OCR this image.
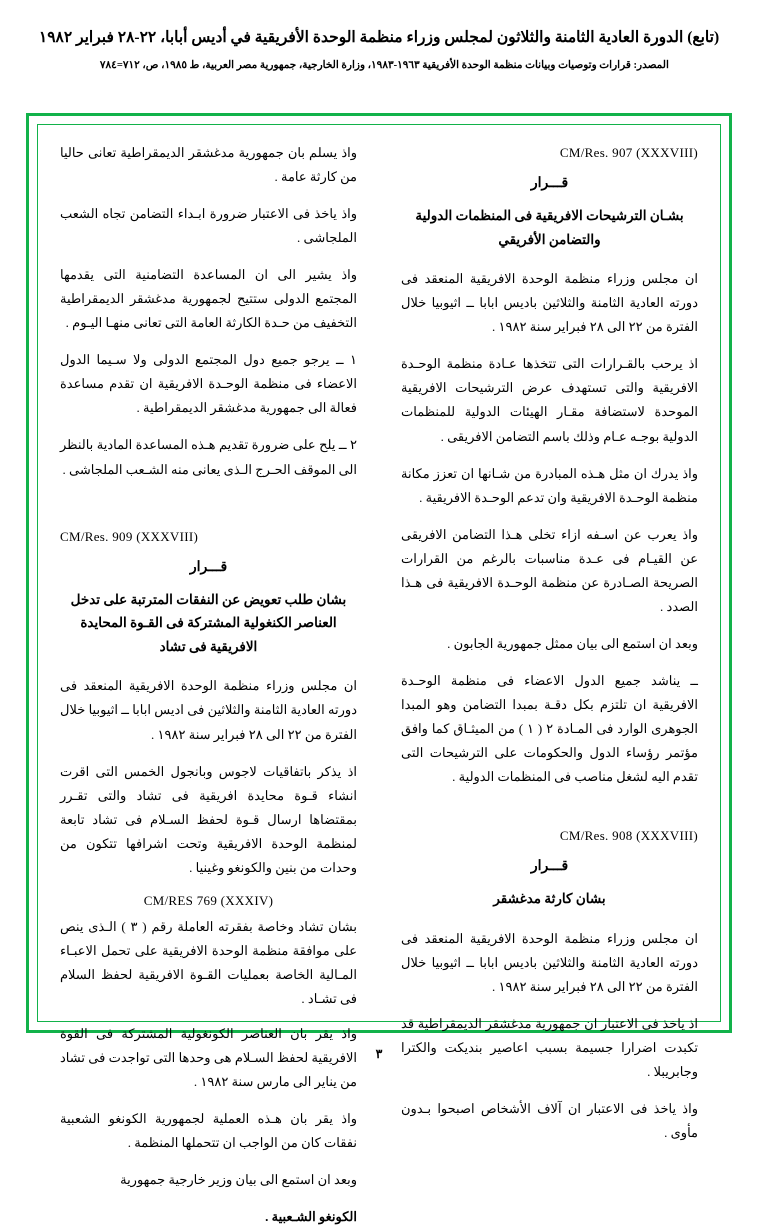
(تابع) الدورة العادية الثامنة والثلاثون لمجلس وزراء منظمة الوحدة الأفريقية في أديس أبابا، ٢٢-٢٨ فبراير ١٩٨٢
المصدر: قرارات وتوصيات وبيانات منظمة الوحدة الأفريقية ١٩٦٣-١٩٨٣، وزارة الخارجية، جمهورية مصر العربية، ط ١٩٨٥، ص، ٧١٢=٧٨٤ ْ
CM/Res. 907 (XXXVIII)
قـــرار
بشـان الترشيحات الافريقية فى المنظمات الدولية والتضامن الأفريقي

ان مجلس وزراء منظمة الوحدة الافريقية المنعقد فى دورته العادية الثامنة والثلاثين باديس ابابا ــ اثيوبيا خلال الفترة من ٢٢ الى ٢٨ فبراير سنة ١٩٨٢ .

اذ يرحب بالقـرارات التى تتخذها عـادة منظمة الوحـدة الافريقية والتى تستهدف عرض الترشيحات الافريقية الموحدة لاستضافة مقـار الهيئات الدولية للمنظمات الدولية بوجـه عـام وذلك باسم التضامن الافريقى .

واذ يدرك ان مثل هـذه المبادرة من شـانها ان تعزز مكانة منظمة الوحـدة الافريقية وان تدعم الوحـدة الافريقية .

واذ يعرب عن اسـفه ازاء تخلى هـذا التضامن الافريقى عن القيـام فى عـدة مناسبات بالرغم من القرارات الصريحة الصـادرة عن منظمة الوحـدة الافريقية فى هـذا الصدد .

وبعد ان استمع الى بيان ممثل جمهورية الجابون .

ــ يناشد جميع الدول الاعضاء فى منظمة الوحـدة الافريقية ان تلتزم بكل دقـة بمبدا التضامن وهو المبدا الجوهرى الوارد فى المـادة ٢ ( ١ ) من الميثـاق كما وافق مؤتمر رؤساء الدول والحكومات على الترشيحات التى تقدم اليه لشغل مناصب فى المنظمات الدولية .

CM/Res. 908 (XXXVIII)
قـــرار
بشان كارثة مدغشقر

ان مجلس وزراء منظمة الوحدة الافريقية المنعقد فى دورته العادية الثامنة والثلاثين باديس ابابا ــ اثيوبيا خلال الفترة من ٢٢ الى ٢٨ فبراير سنة ١٩٨٢ .

اذ ياخذ فى الاعتبار ان جمهورية مدغشقر الديمقراطية قد تكبدت اضرارا جسيمة بسبب اعاصير بنديكت والكترا وجابريبلا .

واذ ياخذ فى الاعتبار ان آلاف الأشخاص اصبحوا بـدون مأوى .

واذ يسلم بان جمهورية مدغشقر الديمقراطية تعانى حاليا من كارثة عامة .

واذ ياخذ فى الاعتبار ضرورة ابـداء التضامن تجاه الشعب الملجاشى .

واذ يشير الى ان المساعدة التضامنية التى يقدمها المجتمع الدولى ستتيح لجمهورية مدغشقر الديمقراطية التخفيف من حـدة الكارثة العامة التى تعانى منهـا اليـوم .

١ ــ يرجو جميع دول المجتمع الدولى ولا سـيما الدول الاعضاء فى منظمة الوحـدة الافريقية ان تقدم مساعدة فعالة الى جمهورية مدغشقر الديمقراطية .

٢ ــ يلح على ضرورة تقديم هـذه المساعدة المادية بالنظر الى الموقف الحـرج الـذى يعانى منه الشـعب الملجاشى .

CM/Res. 909 (XXXVIII)
قـــرار
بشان طلب تعويض عن النفقات المترتبة على تدخل العناصر الكنغولية المشتركة فى القـوة المحايدة الافريقية فى تشاد

ان مجلس وزراء منظمة الوحدة الافريقية المنعقد فى دورته العادية الثامنة والثلاثين فى اديس ابابا ــ اثيوبيا خلال الفترة من ٢٢ الى ٢٨ فبراير سنة ١٩٨٢ .

اذ يذكر باتفاقيات لاجوس وبانجول الخمس التى اقرت انشاء قـوة محايدة افريقية فى تشاد والتى تقـرر بمقتضاها ارسال قـوة لحفظ السـلام فى تشاد تابعة لمنظمة الوحدة الافريقية وتحت اشرافها تتكون من وحدات من بنين والكونغو وغينيا .

CM/RES 769 (XXXIV)

بشان تشاد وخاصة بفقرته العاملة رقم ( ٣ ) الـذى ينص على موافقة منظمة الوحدة الافريقية على تحمل الاعبـاء المـالية الخاصة بعمليات القـوة الافريقية لحفظ السلام فى تشـاد .

واذ يقر بان العناصر الكونغولية المشتركة فى القوة الافريقية لحفظ السـلام هى وحدها التى تواجدت فى تشاد من يناير الى مارس سنة ١٩٨٢ .

واذ يقر بان هـذه العملية لجمهورية الكونغو الشعبية نفقات كان من الواجب ان تتحملها المنظمة .

وبعد ان استمع الى بيان وزير خارجية جمهورية

الكونغو الشـعبية .

٣
